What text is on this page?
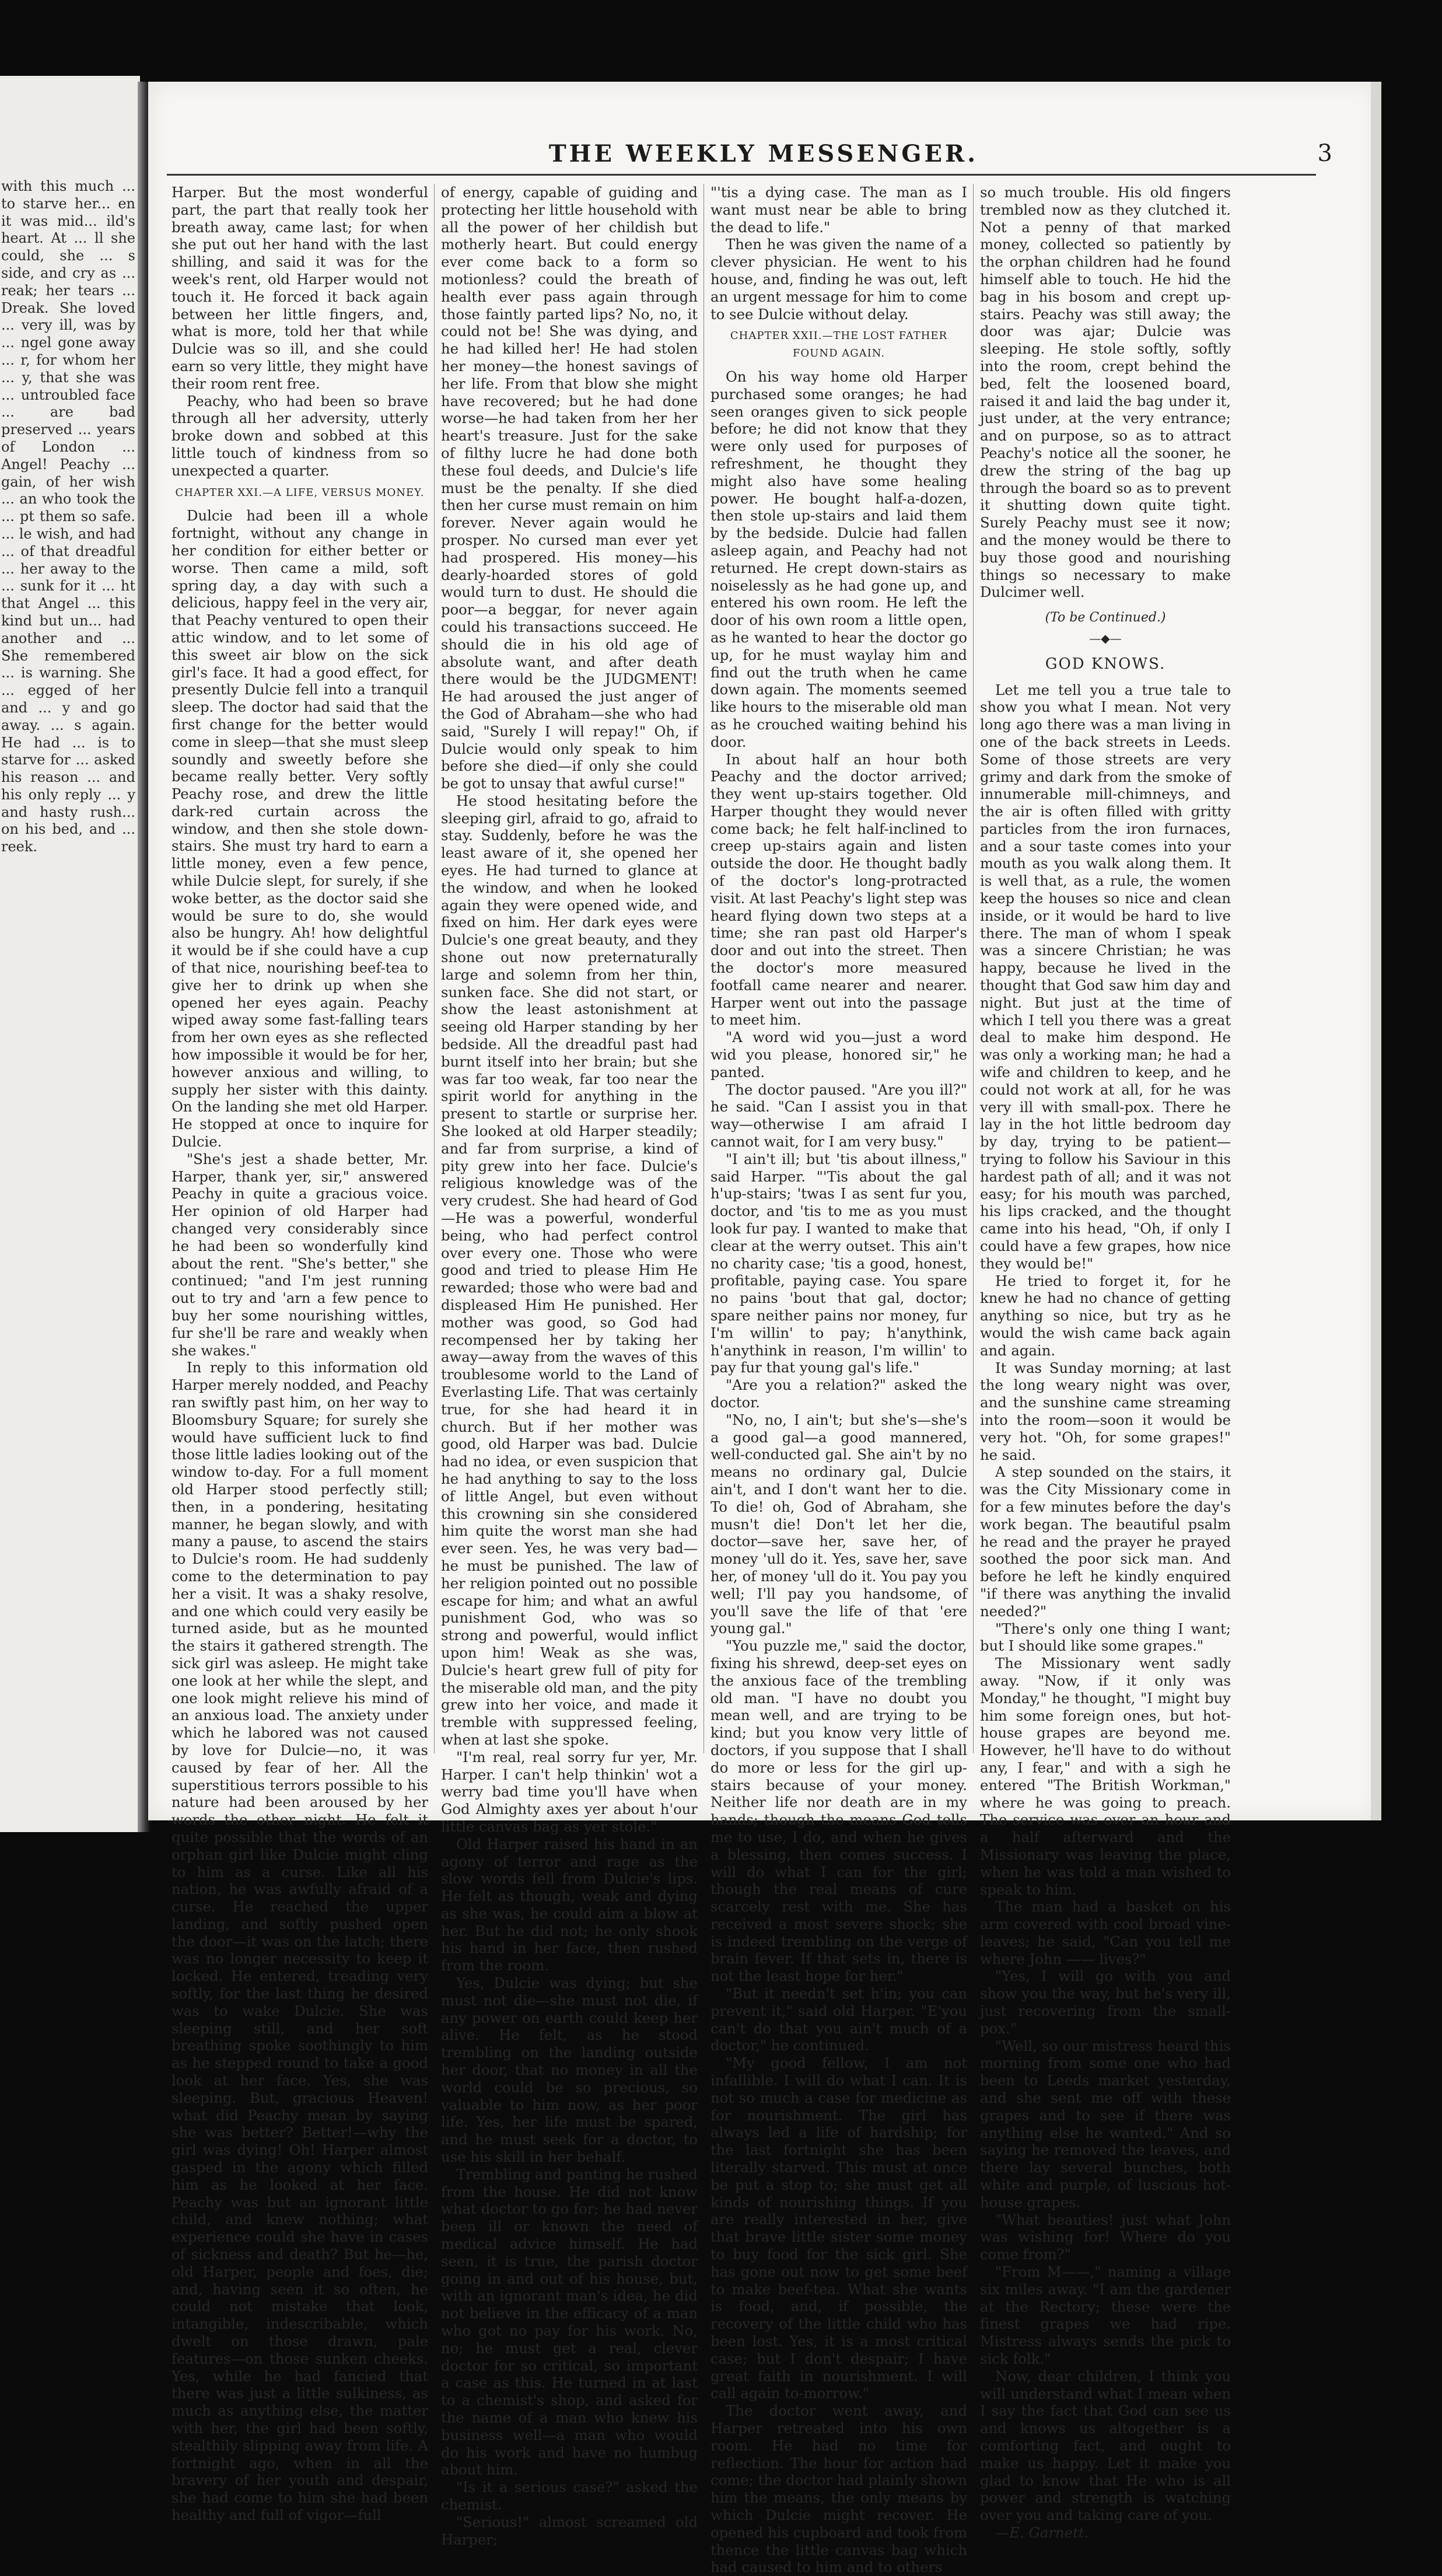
with this much ... to starve her... en it was mid... ild's heart. At ... ll she could, she ... s side, and cry as ... reak; her tears ... Dreak. She loved ... very ill, was by ... ngel gone away ... r, for whom her ... y, that she was ... untroubled face ... are bad preserved ... years of London ... Angel! Peachy ... gain, of her wish ... an who took the ... pt them so safe. ... le wish, and had ... of that dreadful ... her away to the ... sunk for it ... ht that Angel ... this kind but un... had another and ... She remembered ... is warning. She ... egged of her and ... y and go away. ... s again. He had ... is to starve for ... asked his reason ... and his only reply ... y and hasty rush... on his bed, and ... reek.
THE WEEKLY MESSENGER.	3

Harper. But the most wonderful part, the part that really took her breath away, came last; for when she put out her hand with the last shilling, and said it was for the week's rent, old Harper would not touch it. He forced it back again between her little fingers, and, what is more, told her that while Dulcie was so ill, and she could earn so very little, they might have their room rent free.

Peachy, who had been so brave through all her adversity, utterly broke down and sobbed at this little touch of kindness from so unexpected a quarter.

CHAPTER XXI.—A LIFE, VERSUS MONEY.

Dulcie had been ill a whole fortnight, without any change in her condition for either better or worse. Then came a mild, soft spring day, a day with such a delicious, happy feel in the very air, that Peachy ventured to open their attic window, and to let some of this sweet air blow on the sick girl's face. It had a good effect, for presently Dulcie fell into a tranquil sleep. The doctor had said that the first change for the better would come in sleep—that she must sleep soundly and sweetly before she became really better. Very softly Peachy rose, and drew the little dark-red curtain across the window, and then she stole down-stairs. She must try hard to earn a little money, even a few pence, while Dulcie slept, for surely, if she woke better, as the doctor said she would be sure to do, she would also be hungry. Ah! how delightful it would be if she could have a cup of that nice, nourishing beef-tea to give her to drink up when she opened her eyes again. Peachy wiped away some fast-falling tears from her own eyes as she reflected how impossible it would be for her, however anxious and willing, to supply her sister with this dainty. On the landing she met old Harper. He stopped at once to inquire for Dulcie.

"She's jest a shade better, Mr. Harper, thank yer, sir," answered Peachy in quite a gracious voice. Her opinion of old Harper had changed very considerably since he had been so wonderfully kind about the rent. "She's better," she continued; "and I'm jest running out to try and 'arn a few pence to buy her some nourishing wittles, fur she'll be rare and weakly when she wakes."

In reply to this information old Harper merely nodded, and Peachy ran swiftly past him, on her way to Bloomsbury Square; for surely she would have sufficient luck to find those little ladies looking out of the window to-day. For a full moment old Harper stood perfectly still; then, in a pondering, hesitating manner, he began slowly, and with many a pause, to ascend the stairs to Dulcie's room. He had suddenly come to the determination to pay her a visit. It was a shaky resolve, and one which could very easily be turned aside, but as he mounted the stairs it gathered strength. The sick girl was asleep. He might take one look at her while the slept, and one look might relieve his mind of an anxious load. The anxiety under which he labored was not caused by love for Dulcie—no, it was caused by fear of her. All the superstitious terrors possible to his nature had been aroused by her words the other night. He felt it quite possible that the words of an orphan girl like Dulcie might cling to him as a curse. Like all his nation, he was awfully afraid of a curse. He reached the upper landing, and softly pushed open the door—it was on the latch; there was no longer necessity to keep it locked. He entered, treading very softly, for the last thing he desired was to wake Dulcie. She was sleeping still, and her soft breathing spoke soothingly to him as he stepped round to take a good look at her face. Yes, she was sleeping. But, gracious Heaven! what did Peachy mean by saying she was better? Better!—why the girl was dying! Oh! Harper almost gasped in the agony which filled him as he looked at her face. Peachy was but an ignorant little child, and knew nothing; what experience could she have in cases of sickness and death? But he—he, old Harper, people and foes, die; and, having seen it so often, he could not mistake that look, intangible, indescribable, which dwelt on those drawn, pale features—on those sunken cheeks. Yes, while he had fancied that there was just a little sulkiness, as much as anything else, the matter with her, the girl had been softly, stealthily slipping away from life. A fortnight ago, when in all the bravery of her youth and despair, she had come to him she had been healthy and full of vigor—full

of energy, capable of guiding and protecting her little household with all the power of her childish but motherly heart. But could energy ever come back to a form so motionless? could the breath of health ever pass again through those faintly parted lips? No, no, it could not be! She was dying, and he had killed her! He had stolen her money—the honest savings of her life. From that blow she might have recovered; but he had done worse—he had taken from her her heart's treasure. Just for the sake of filthy lucre he had done both these foul deeds, and Dulcie's life must be the penalty. If she died then her curse must remain on him forever. Never again would he prosper. No cursed man ever yet had prospered. His money—his dearly-hoarded stores of gold would turn to dust. He should die poor—a beggar, for never again could his transactions succeed. He should die in his old age of absolute want, and after death there would be the JUDGMENT! He had aroused the just anger of the God of Abraham—she who had said, "Surely I will repay!" Oh, if Dulcie would only speak to him before she died—if only she could be got to unsay that awful curse!"

He stood hesitating before the sleeping girl, afraid to go, afraid to stay. Suddenly, before he was the least aware of it, she opened her eyes. He had turned to glance at the window, and when he looked again they were opened wide, and fixed on him. Her dark eyes were Dulcie's one great beauty, and they shone out now preternaturally large and solemn from her thin, sunken face. She did not start, or show the least astonishment at seeing old Harper standing by her bedside. All the dreadful past had burnt itself into her brain; but she was far too weak, far too near the spirit world for anything in the present to startle or surprise her. She looked at old Harper steadily; and far from surprise, a kind of pity grew into her face. Dulcie's religious knowledge was of the very crudest. She had heard of God—He was a powerful, wonderful being, who had perfect control over every one. Those who were good and tried to please Him He rewarded; those who were bad and displeased Him He punished. Her mother was good, so God had recompensed her by taking her away—away from the waves of this troublesome world to the Land of Everlasting Life. That was certainly true, for she had heard it in church. But if her mother was good, old Harper was bad. Dulcie had no idea, or even suspicion that he had anything to say to the loss of little Angel, but even without this crowning sin she considered him quite the worst man she had ever seen. Yes, he was very bad—he must be punished. The law of her religion pointed out no possible escape for him; and what an awful punishment God, who was so strong and powerful, would inflict upon him! Weak as she was, Dulcie's heart grew full of pity for the miserable old man, and the pity grew into her voice, and made it tremble with suppressed feeling, when at last she spoke.

"I'm real, real sorry fur yer, Mr. Harper. I can't help thinkin' wot a werry bad time you'll have when God Almighty axes yer about h'our little canvas bag as yer stole."

Old Harper raised his hand in an agony of terror and rage as the slow words fell from Dulcie's lips. He felt as though, weak and dying as she was, he could aim a blow at her. But he did not; he only shook his hand in her face, then rushed from the room.

Yes, Dulcie was dying; but she must not die—she must not die, if any power on earth could keep her alive. He felt, as he stood trembling on the landing outside her door, that no money in all the world could be so precious, so valuable to him now, as her poor life. Yes, her life must be spared, and he must seek for a doctor, to use his skill in her behalf.

Trembling and panting he rushed from the house. He did not know what doctor to go for; he had never been ill or known the need of medical advice himself. He had seen, it is true, the parish doctor going in and out of his house, but, with an ignorant man's idea, he did not believe in the efficacy of a man who got no pay for his work. No, no; he must get a real, clever doctor for so critical, so important a case as this. He turned in at last to a chemist's shop, and asked for the name of a man who knew his business well—a man who would do his work and have no humbug about him.

"Is it a serious case?" asked the chemist.

"Serious!" almost screamed old Harper;

"'tis a dying case. The man as I want must near be able to bring the dead to life."

Then he was given the name of a clever physician. He went to his house, and, finding he was out, left an urgent message for him to come to see Dulcie without delay.

CHAPTER XXII.—THE LOST FATHER FOUND AGAIN.

On his way home old Harper purchased some oranges; he had seen oranges given to sick people before; he did not know that they were only used for purposes of refreshment, he thought they might also have some healing power. He bought half-a-dozen, then stole up-stairs and laid them by the bedside. Dulcie had fallen asleep again, and Peachy had not returned. He crept down-stairs as noiselessly as he had gone up, and entered his own room. He left the door of his own room a little open, as he wanted to hear the doctor go up, for he must waylay him and find out the truth when he came down again. The moments seemed like hours to the miserable old man as he crouched waiting behind his door.

In about half an hour both Peachy and the doctor arrived; they went up-stairs together. Old Harper thought they would never come back; he felt half-inclined to creep up-stairs again and listen outside the door. He thought badly of the doctor's long-protracted visit. At last Peachy's light step was heard flying down two steps at a time; she ran past old Harper's door and out into the street. Then the doctor's more measured footfall came nearer and nearer. Harper went out into the passage to meet him.

"A word wid you—just a word wid you please, honored sir," he panted.

The doctor paused. "Are you ill?" he said. "Can I assist you in that way—otherwise I am afraid I cannot wait, for I am very busy."

"I ain't ill; but 'tis about illness," said Harper. "'Tis about the gal h'up-stairs; 'twas I as sent fur you, doctor, and 'tis to me as you must look fur pay. I wanted to make that clear at the werry outset. This ain't no charity case; 'tis a good, honest, profitable, paying case. You spare no pains 'bout that gal, doctor; spare neither pains nor money, fur I'm willin' to pay; h'anythink, h'anythink in reason, I'm willin' to pay fur that young gal's life."

"Are you a relation?" asked the doctor.

"No, no, I ain't; but she's—she's a good gal—a good mannered, well-conducted gal. She ain't by no means no ordinary gal, Dulcie ain't, and I don't want her to die. To die! oh, God of Abraham, she musn't die! Don't let her die, doctor—save her, save her, of money 'ull do it. Yes, save her, save her, of money 'ull do it. You pay you well; I'll pay you handsome, of you'll save the life of that 'ere young gal."

"You puzzle me," said the doctor, fixing his shrewd, deep-set eyes on the anxious face of the trembling old man. "I have no doubt you mean well, and are trying to be kind; but you know very little of doctors, if you suppose that I shall do more or less for the girl up-stairs because of your money. Neither life nor death are in my hands; though the means God tells me to use, I do, and when he gives a blessing, then comes success. I will do what I can for the girl; though the real means of cure scarcely rest with me. She has received a most severe shock; she is indeed trembling on the verge of brain fever. If that sets in, there is not the least hope for her."

"But it needn't set h'in; you can prevent it," said old Harper. "E'you can't do that you ain't much of a doctor," he continued.

"My good fellow, I am not infallible. I will do what I can. It is not so much a case for medicine as for nourishment. The girl has always led a life of hardship; for the last fortnight she has been literally starved. This must at once be put a stop to; she must get all kinds of nourishing things. If you are really interested in her, give that brave little sister some money to buy food for the sick girl. She has gone out now to get some beef to make beef-tea. What she wants is food, and, if possible, the recovery of the little child who has been lost. Yes, it is a most critical case; but I don't despair; I have great faith in nourishment. I will call again to-morrow."

The doctor went away, and Harper retreated into his own room. He had no time for reflection. The hour for action had come; the doctor had plainly shown him the means, the only means by which Dulcie might recover. He opened his cupboard and took from thence the little canvas bag which had caused to him and to others

so much trouble. His old fingers trembled now as they clutched it. Not a penny of that marked money, collected so patiently by the orphan children had he found himself able to touch. He hid the bag in his bosom and crept up-stairs. Peachy was still away; the door was ajar; Dulcie was sleeping. He stole softly, softly into the room, crept behind the bed, felt the loosened board, raised it and laid the bag under it, just under, at the very entrance; and on purpose, so as to attract Peachy's notice all the sooner, he drew the string of the bag up through the board so as to prevent it shutting down quite tight. Surely Peachy must see it now; and the money would be there to buy those good and nourishing things so necessary to make Dulcimer well.

(To be Continued.)

—◆—

GOD KNOWS.

Let me tell you a true tale to show you what I mean. Not very long ago there was a man living in one of the back streets in Leeds. Some of those streets are very grimy and dark from the smoke of innumerable mill-chimneys, and the air is often filled with gritty particles from the iron furnaces, and a sour taste comes into your mouth as you walk along them. It is well that, as a rule, the women keep the houses so nice and clean inside, or it would be hard to live there. The man of whom I speak was a sincere Christian; he was happy, because he lived in the thought that God saw him day and night. But just at the time of which I tell you there was a great deal to make him despond. He was only a working man; he had a wife and children to keep, and he could not work at all, for he was very ill with small-pox. There he lay in the hot little bedroom day by day, trying to be patient—trying to follow his Saviour in this hardest path of all; and it was not easy; for his mouth was parched, his lips cracked, and the thought came into his head, "Oh, if only I could have a few grapes, how nice they would be!"

He tried to forget it, for he knew he had no chance of getting anything so nice, but try as he would the wish came back again and again.

It was Sunday morning; at last the long weary night was over, and the sunshine came streaming into the room—soon it would be very hot. "Oh, for some grapes!" he said.

A step sounded on the stairs, it was the City Missionary come in for a few minutes before the day's work began. The beautiful psalm he read and the prayer he prayed soothed the poor sick man. And before he left he kindly enquired "if there was anything the invalid needed?"

"There's only one thing I want; but I should like some grapes."

The Missionary went sadly away. "Now, if it only was Monday," he thought, "I might buy him some foreign ones, but hot-house grapes are beyond me. However, he'll have to do without any, I fear," and with a sigh he entered "The British Workman," where he was going to preach. The service was over an hour and a half afterward and the Missionary was leaving the place, when he was told a man wished to speak to him.

The man had a basket on his arm covered with cool broad vine-leaves; he said, "Can you tell me where John —— lives?"

"Yes, I will go with you and show you the way, but he's very ill, just recovering from the small-pox."

"Well, so our mistress heard this morning from some one who had been to Leeds market yesterday, and she sent me off with these grapes and to see if there was anything else he wanted." And so saying he removed the leaves, and there lay several bunches, both white and purple, of luscious hot-house grapes.

"What beauties! just what John was wishing for! Where do you come from?"

"From M——," naming a village six miles away. "I am the gardener at the Rectory; these were the finest grapes we had ripe. Mistress always sends the pick to sick folk."

Now, dear children, I think you will understand what I mean when I say the fact that God can see us and knows us altogether is a comforting fact, and ought to make us happy. Let it make you glad to know that He who is all power and strength is watching over you and taking care of you.

—E. Garnett.
